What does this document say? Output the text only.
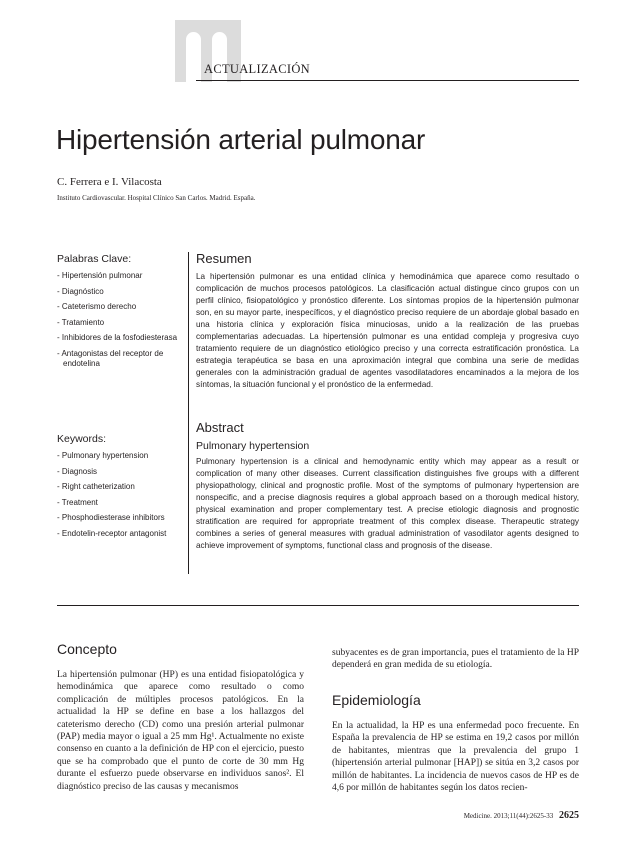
ACTUALIZACIÓN
Hipertensión arterial pulmonar
C. Ferrera e I. Vilacosta
Instituto Cardiovascular. Hospital Clínico San Carlos. Madrid. España.
Palabras Clave:
- Hipertensión pulmonar
- Diagnóstico
- Cateterismo derecho
- Tratamiento
- Inhibidores de la fosfodiesterasa
- Antagonistas del receptor de endotelina
Keywords:
- Pulmonary hypertension
- Diagnosis
- Right catheterization
- Treatment
- Phosphodiesterase inhibitors
- Endotelin-receptor antagonist
Resumen

La hipertensión pulmonar es una entidad clínica y hemodinámica que aparece como resultado o complicación de muchos procesos patológicos. La clasificación actual distingue cinco grupos con un perfil clínico, fisiopatológico y pronóstico diferente. Los síntomas propios de la hipertensión pulmonar son, en su mayor parte, inespecíficos, y el diagnóstico preciso requiere de un abordaje global basado en una historia clínica y exploración física minuciosas, unido a la realización de las pruebas complementarias adecuadas. La hipertensión pulmonar es una entidad compleja y progresiva cuyo tratamiento requiere de un diagnóstico etiológico preciso y una correcta estratificación pronóstica. La estrategia terapéutica se basa en una aproximación integral que combina una serie de medidas generales con la administración gradual de agentes vasodilatadores encaminados a la mejora de los síntomas, la situación funcional y el pronóstico de la enfermedad.

Abstract
Pulmonary hypertension

Pulmonary hypertension is a clinical and hemodynamic entity which may appear as a result or complication of many other diseases. Current classification distinguishes five groups with a different physiopathology, clinical and prognostic profile. Most of the symptoms of pulmonary hypertension are nonspecific, and a precise diagnosis requires a global approach based on a thorough medical history, physical examination and proper complementary test. A precise etiologic diagnosis and prognostic stratification are required for appropriate treatment of this complex disease. Therapeutic strategy combines a series of general measures with gradual administration of vasodilator agents designed to achieve improvement of symptoms, functional class and prognosis of the disease.

Concepto

La hipertensión pulmonar (HP) es una entidad fisiopatológica y hemodinámica que aparece como resultado o como complicación de múltiples procesos patológicos. En la actualidad la HP se define en base a los hallazgos del cateterismo derecho (CD) como una presión arterial pulmonar (PAP) media mayor o igual a 25 mm Hg¹. Actualmente no existe consenso en cuanto a la definición de HP con el ejercicio, puesto que se ha comprobado que el punto de corte de 30 mm Hg durante el esfuerzo puede observarse en individuos sanos². El diagnóstico preciso de las causas y mecanismos

subyacentes es de gran importancia, pues el tratamiento de la HP dependerá en gran medida de su etiología.

Epidemiología

En la actualidad, la HP es una enfermedad poco frecuente. En España la prevalencia de HP se estima en 19,2 casos por millón de habitantes, mientras que la prevalencia del grupo 1 (hipertensión arterial pulmonar [HAP]) se sitúa en 3,2 casos por millón de habitantes. La incidencia de nuevos casos de HP es de 4,6 por millón de habitantes según los datos recien-

Medicine. 2013;11(44):2625-33 2625
